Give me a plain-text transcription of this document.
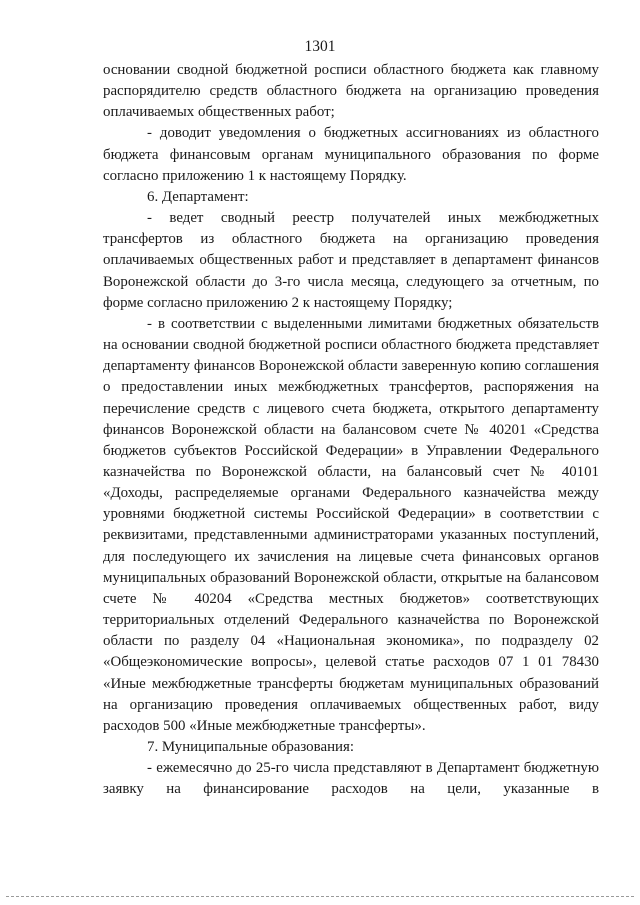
1301

основании сводной бюджетной росписи областного бюджета как главному распорядителю средств областного бюджета на организацию проведения оплачиваемых общественных работ;

- доводит уведомления о бюджетных ассигнованиях из областного бюджета финансовым органам муниципального образования по форме согласно приложению 1 к настоящему Порядку.

6. Департамент:

- ведет сводный реестр получателей иных межбюджетных трансфертов из областного бюджета на организацию проведения оплачиваемых общественных работ и представляет в департамент финансов Воронежской области до 3-го числа месяца, следующего за отчетным, по форме согласно приложению 2 к настоящему Порядку;

- в соответствии с выделенными лимитами бюджетных обязательств на основании сводной бюджетной росписи областного бюджета представляет департаменту финансов Воронежской области заверенную копию соглашения о предоставлении иных межбюджетных трансфертов, распоряжения на перечисление средств с лицевого счета бюджета, открытого департаменту финансов Воронежской области на балансовом счете № 40201 «Средства бюджетов субъектов Российской Федерации» в Управлении Федерального казначейства по Воронежской области, на балансовый счет № 40101 «Доходы, распределяемые органами Федерального казначейства между уровнями бюджетной системы Российской Федерации» в соответствии с реквизитами, представленными администраторами указанных поступлений, для последующего их зачисления на лицевые счета финансовых органов муниципальных образований Воронежской области, открытые на балансовом счете № 40204 «Средства местных бюджетов» соответствующих территориальных отделений Федерального казначейства по Воронежской области по разделу 04 «Национальная экономика», по подразделу 02 «Общеэкономические вопросы», целевой статье расходов 07 1 01 78430 «Иные межбюджетные трансферты бюджетам муниципальных образований на организацию проведения оплачиваемых общественных работ, виду расходов 500 «Иные межбюджетные трансферты».

7. Муниципальные образования:

- ежемесячно до 25-го числа представляют в Департамент бюджетную заявку на финансирование расходов на цели, указанные в
